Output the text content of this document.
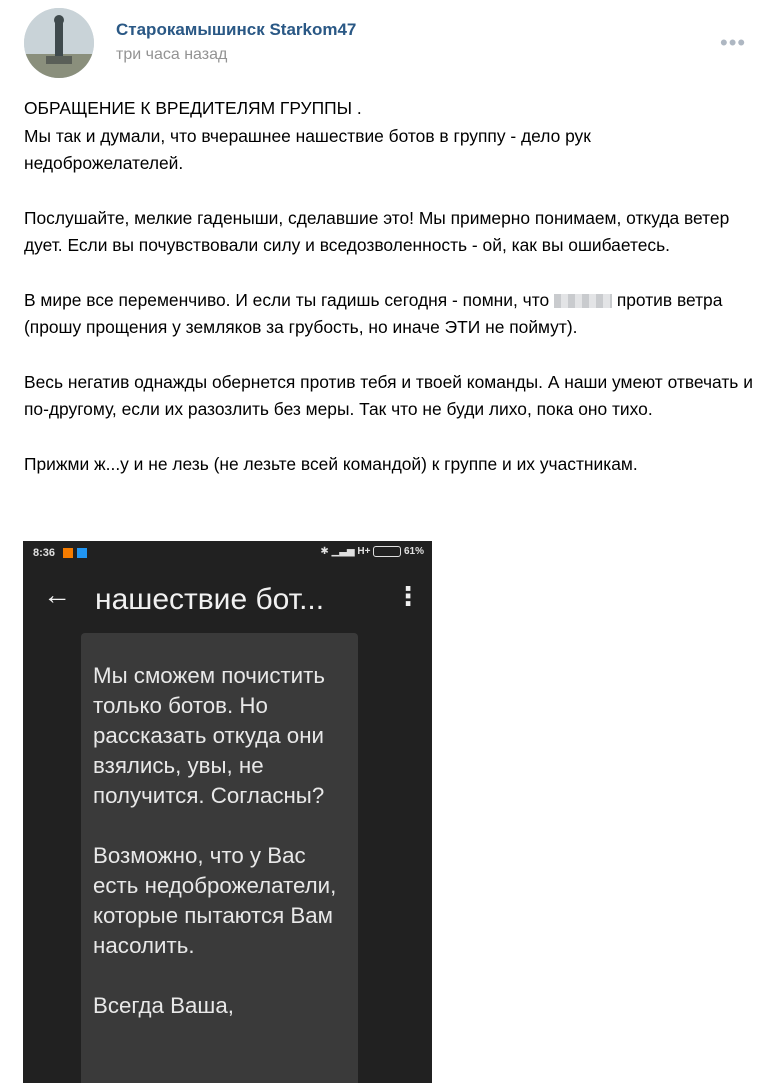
Старокамышинск Starkom47
три часа назад	•••

ОБРАЩЕНИЕ К ВРЕДИТЕЛЯМ ГРУППЫ .
Мы так и думали, что вчерашнее нашествие ботов в группу - дело рук недоброжелателей.

Послушайте, мелкие гаденыши, сделавшие это! Мы примерно понимаем, откуда ветер дует. Если вы почувствовали силу и вседозволенность - ой, как вы ошибаетесь.

В мире все переменчиво. И если ты гадишь сегодня - помни, что	против ветра (прошу прощения у земляков за грубость, но иначе ЭТИ не поймут).

Весь негатив однажды обернется против тебя и твоей команды. А наши умеют отвечать и по-другому, если их разозлить без меры. Так что не буди лихо, пока оно тихо.

Прижми ж...у и не лезь (не лезьте всей командой) к группе и их участникам.

8:36	✱ ▁▃▅ H+	61%
← нашествие бот...	⋮

Мы сможем почистить только ботов. Но рассказать откуда они взялись, увы, не получится. Согласны?

Возможно, что у Вас есть недоброжелатели, которые пытаются Вам насолить.

Всегда Ваша,
